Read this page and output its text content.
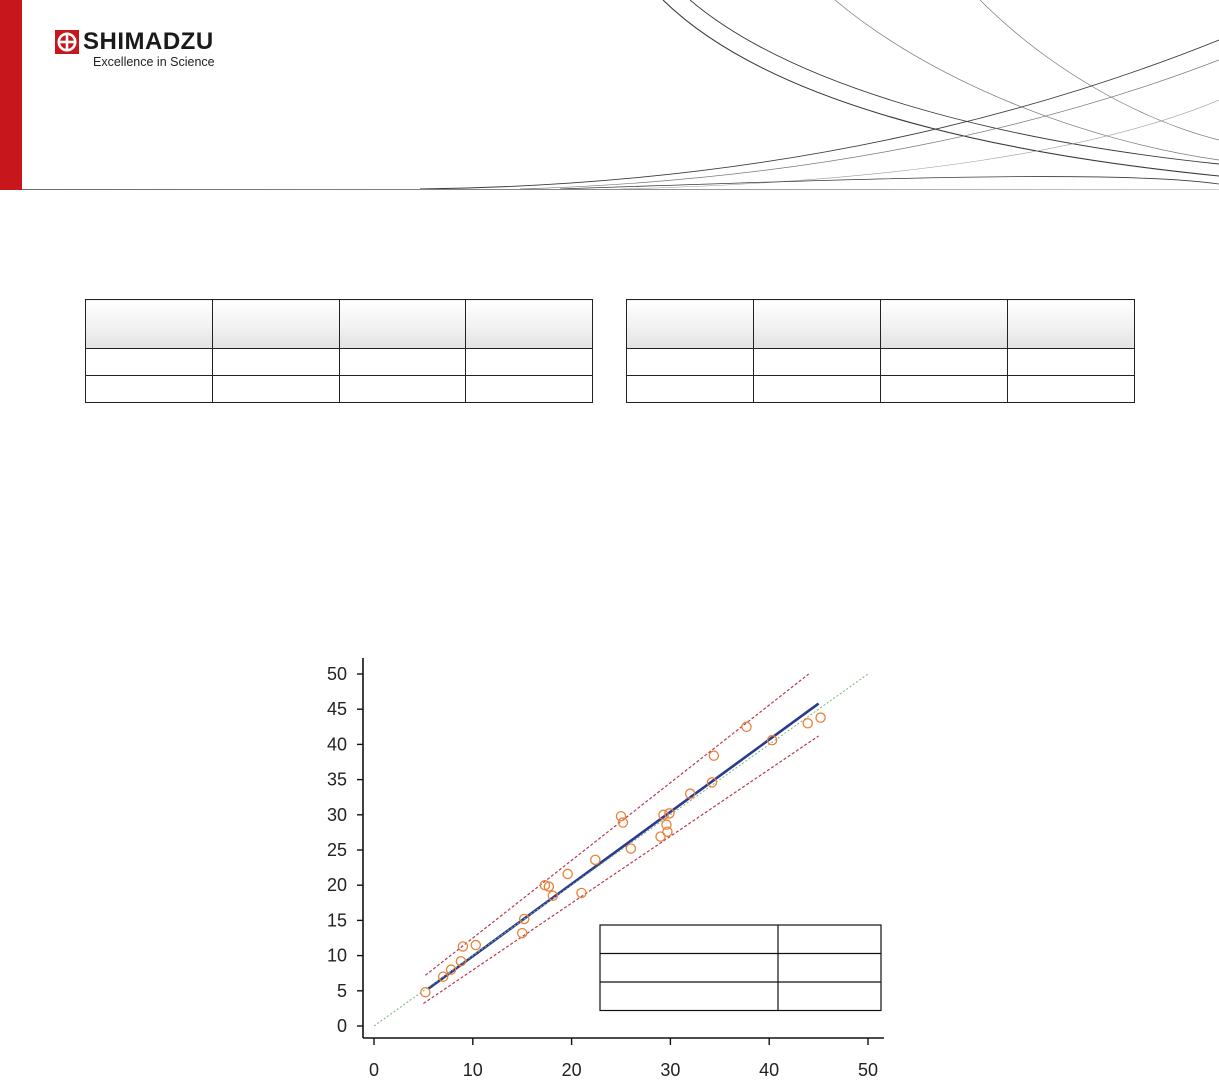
SHIMADZU
Excellence in Science

0
5
10
15
20
25
30
35
40
45
50
0	10	20	30	40	50
